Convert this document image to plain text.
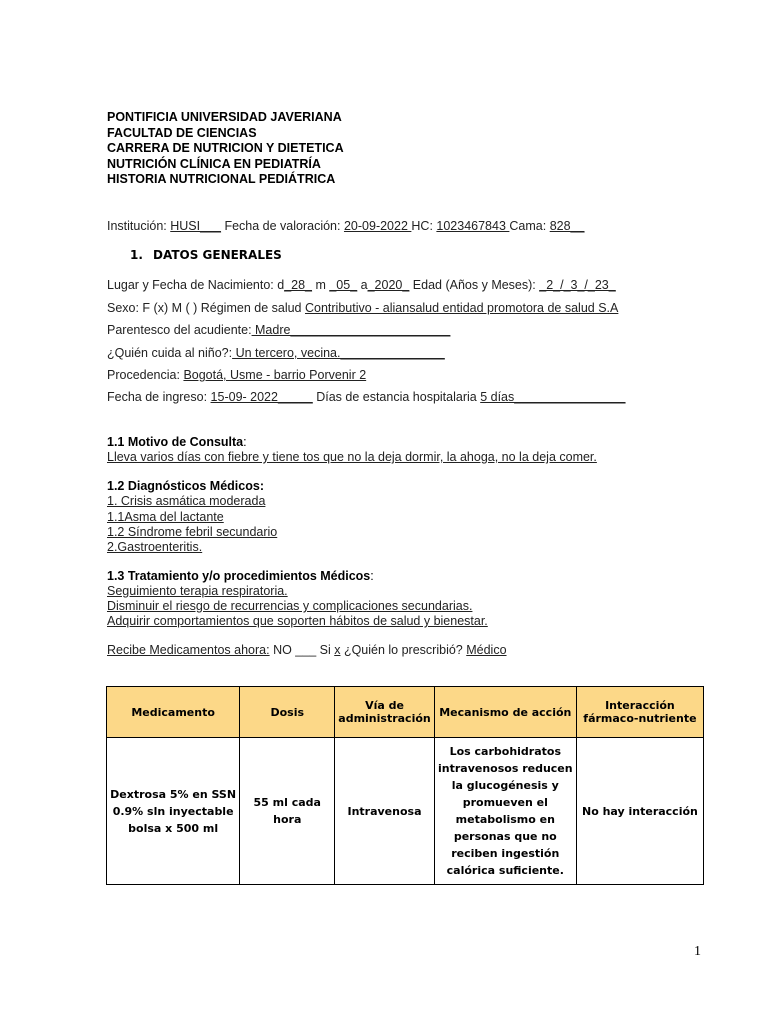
PONTIFICIA UNIVERSIDAD JAVERIANA
FACULTAD DE CIENCIAS
CARRERA DE NUTRICION Y DIETETICA
NUTRICIÓN CLÍNICA EN PEDIATRÍA
HISTORIA NUTRICIONAL PEDIÁTRICA
Institución: HUSI___ Fecha de valoración: 20-09-2022 HC: 1023467843 Cama: 828__
1. DATOS GENERALES
Lugar y Fecha de Nacimiento: d_28_ m _05_ a_2020_ Edad (Años y Meses): _2_/_3_/_23_
Sexo: F (x) M ( ) Régimen de salud Contributivo - aliansalud entidad promotora de salud S.A
Parentesco del acudiente: Madre_______________________
¿Quién cuida al niño?: Un tercero, vecina._______________
Procedencia: Bogotá, Usme - barrio Porvenir 2
Fecha de ingreso: 15-09- 2022_____ Días de estancia hospitalaria 5 días________________
1.1 Motivo de Consulta:
Lleva varios días con fiebre y tiene tos que no la deja dormir, la ahoga, no la deja comer.
1.2 Diagnósticos Médicos:
1. Crisis asmática moderada
1.1Asma del lactante
1.2 Síndrome febril secundario
2.Gastroenteritis.
1.3 Tratamiento y/o procedimientos Médicos:
Seguimiento terapia respiratoria.
Disminuir el riesgo de recurrencias y complicaciones secundarias.
Adquirir comportamientos que soporten hábitos de salud y bienestar.
Recibe Medicamentos ahora: NO ___ Si x ¿Quién lo prescribió? Médico
Medicamento	Dosis	Vía de administración	Mecanismo de acción	Interacción fármaco-nutriente
Dextrosa 5% en SSN 0.9% sln inyectable bolsa x 500 ml	55 ml cada hora	Intravenosa	Los carbohidratos intravenosos reducen la glucogénesis y promueven el metabolismo en personas que no reciben ingestión calórica suficiente.	No hay interacción
1
